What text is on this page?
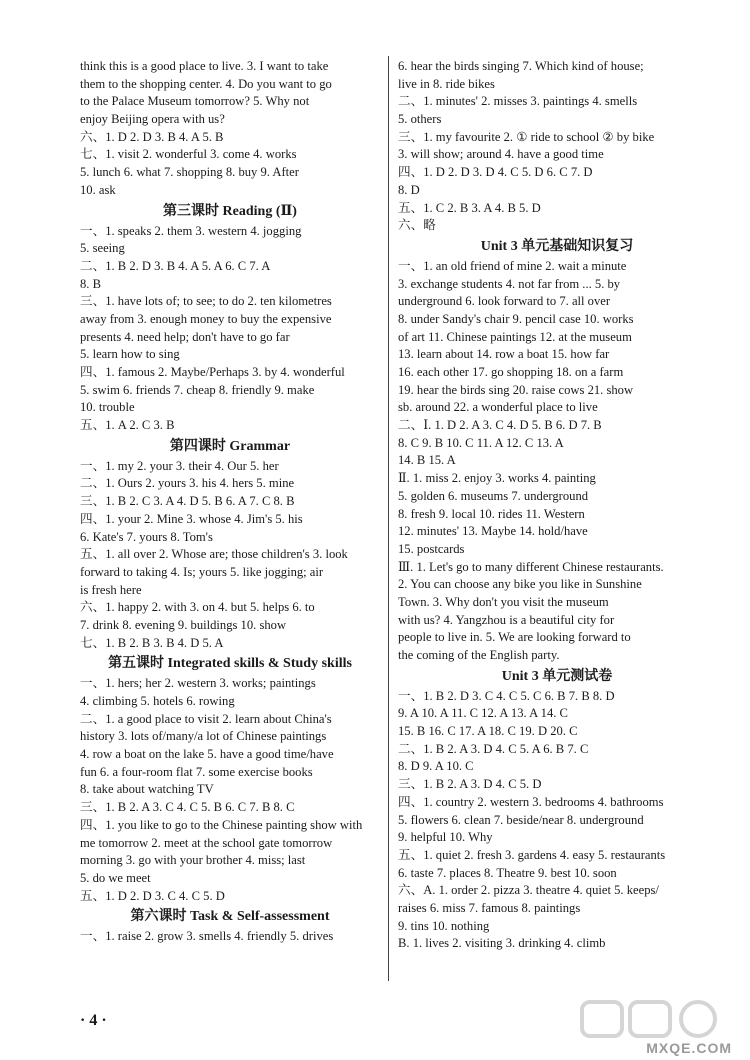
think this is a good place to live. 3. I want to take
them to the shopping center. 4. Do you want to go
to the Palace Museum tomorrow? 5. Why not
enjoy Beijing opera with us?
六、1. D 2. D 3. B 4. A 5. B
七、1. visit 2. wonderful 3. come 4. works
5. lunch 6. what 7. shopping 8. buy 9. After
10. ask
第三课时 Reading (Ⅱ)
一、1. speaks 2. them 3. western 4. jogging
5. seeing
二、1. B 2. D 3. B 4. A 5. A 6. C 7. A
8. B
三、1. have lots of; to see; to do 2. ten kilometres
away from 3. enough money to buy the expensive
presents 4. need help; don't have to go far
5. learn how to sing
四、1. famous 2. Maybe/Perhaps 3. by 4. wonderful
5. swim 6. friends 7. cheap 8. friendly 9. make
10. trouble
五、1. A 2. C 3. B
第四课时 Grammar
一、1. my 2. your 3. their 4. Our 5. her
二、1. Ours 2. yours 3. his 4. hers 5. mine
三、1. B 2. C 3. A 4. D 5. B 6. A 7. C 8. B
四、1. your 2. Mine 3. whose 4. Jim's 5. his
6. Kate's 7. yours 8. Tom's
五、1. all over 2. Whose are; those children's 3. look
forward to taking 4. Is; yours 5. like jogging; air
is fresh here
六、1. happy 2. with 3. on 4. but 5. helps 6. to
7. drink 8. evening 9. buildings 10. show
七、1. B 2. B 3. B 4. D 5. A
第五课时 Integrated skills & Study skills
一、1. hers; her 2. western 3. works; paintings
4. climbing 5. hotels 6. rowing
二、1. a good place to visit 2. learn about China's
history 3. lots of/many/a lot of Chinese paintings
4. row a boat on the lake 5. have a good time/have
fun 6. a four-room flat 7. some exercise books
8. take about watching TV
三、1. B 2. A 3. C 4. C 5. B 6. C 7. B 8. C
四、1. you like to go to the Chinese painting show with
me tomorrow 2. meet at the school gate tomorrow
morning 3. go with your brother 4. miss; last
5. do we meet
五、1. D 2. D 3. C 4. C 5. D
第六课时 Task & Self-assessment
一、1. raise 2. grow 3. smells 4. friendly 5. drives
6. hear the birds singing 7. Which kind of house;
live in 8. ride bikes
二、1. minutes' 2. misses 3. paintings 4. smells
5. others
三、1. my favourite 2. ① ride to school ② by bike
3. will show; around 4. have a good time
四、1. D 2. D 3. D 4. C 5. D 6. C 7. D
8. D
五、1. C 2. B 3. A 4. B 5. D
六、略
Unit 3 单元基础知识复习
一、1. an old friend of mine 2. wait a minute
3. exchange students 4. not far from ... 5. by
underground 6. look forward to 7. all over
8. under Sandy's chair 9. pencil case 10. works
of art 11. Chinese paintings 12. at the museum
13. learn about 14. row a boat 15. how far
16. each other 17. go shopping 18. on a farm
19. hear the birds sing 20. raise cows 21. show
sb. around 22. a wonderful place to live
二、Ⅰ. 1. D 2. A 3. C 4. D 5. B 6. D 7. B
8. C 9. B 10. C 11. A 12. C 13. A
14. B 15. A
Ⅱ. 1. miss 2. enjoy 3. works 4. painting
5. golden 6. museums 7. underground
8. fresh 9. local 10. rides 11. Western
12. minutes' 13. Maybe 14. hold/have
15. postcards
Ⅲ. 1. Let's go to many different Chinese restaurants.
2. You can choose any bike you like in Sunshine
Town. 3. Why don't you visit the museum
with us? 4. Yangzhou is a beautiful city for
people to live in. 5. We are looking forward to
the coming of the English party.
Unit 3 单元测试卷
一、1. B 2. D 3. C 4. C 5. C 6. B 7. B 8. D
9. A 10. A 11. C 12. A 13. A 14. C
15. B 16. C 17. A 18. C 19. D 20. C
二、1. B 2. A 3. D 4. C 5. A 6. B 7. C
8. D 9. A 10. C
三、1. B 2. A 3. D 4. C 5. D
四、1. country 2. western 3. bedrooms 4. bathrooms
5. flowers 6. clean 7. beside/near 8. underground
9. helpful 10. Why
五、1. quiet 2. fresh 3. gardens 4. easy 5. restaurants
6. taste 7. places 8. Theatre 9. best 10. soon
六、A. 1. order 2. pizza 3. theatre 4. quiet 5. keeps/
raises 6. miss 7. famous 8. paintings
9. tins 10. nothing
B. 1. lives 2. visiting 3. drinking 4. climb
· 4 ·
MXQE.COM
